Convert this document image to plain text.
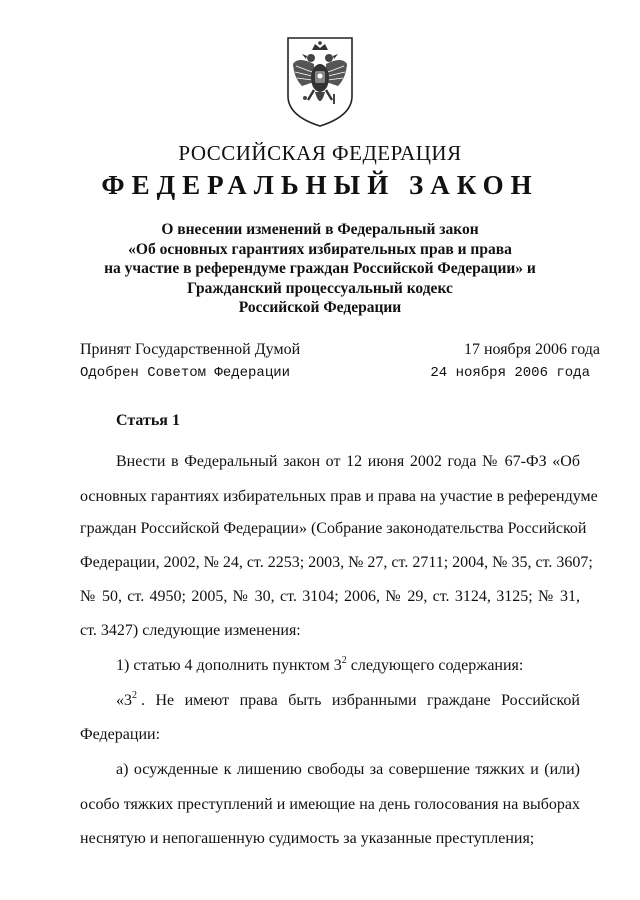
РОССИЙСКАЯ ФЕДЕРАЦИЯ
ФЕДЕРАЛЬНЫЙ ЗАКОН
О внесении изменений в Федеральный закон
«Об основных гарантиях избирательных прав и права
на участие в референдуме граждан Российской Федерации» и
Гражданский процессуальный кодекс
Российской Федерации
Принят Государственной Думой	17 ноября 2006 года
Одобрен Советом Федерации	24 ноября 2006 года
Статья 1
Внести в Федеральный закон от 12 июня 2002 года № 67-ФЗ «Об
основных гарантиях избирательных прав и права на участие в референдуме
граждан Российской Федерации» (Собрание законодательства Российской
Федерации, 2002, № 24, ст. 2253; 2003, № 27, ст. 2711; 2004, № 35, ст. 3607;
№ 50, ст. 4950; 2005, № 30, ст. 3104; 2006, № 29, ст. 3124, 3125; № 31,
ст. 3427) следующие изменения:
1) статью 4 дополнить пунктом $3^2$ следующего содержания:
«$3^2$ . Не имеют права быть избранными граждане Российской
Федерации:
а) осужденные к лишению свободы за совершение тяжких и (или)
особо тяжких преступлений и имеющие на день голосования на выборах
неснятую и непогашенную судимость за указанные преступления;
